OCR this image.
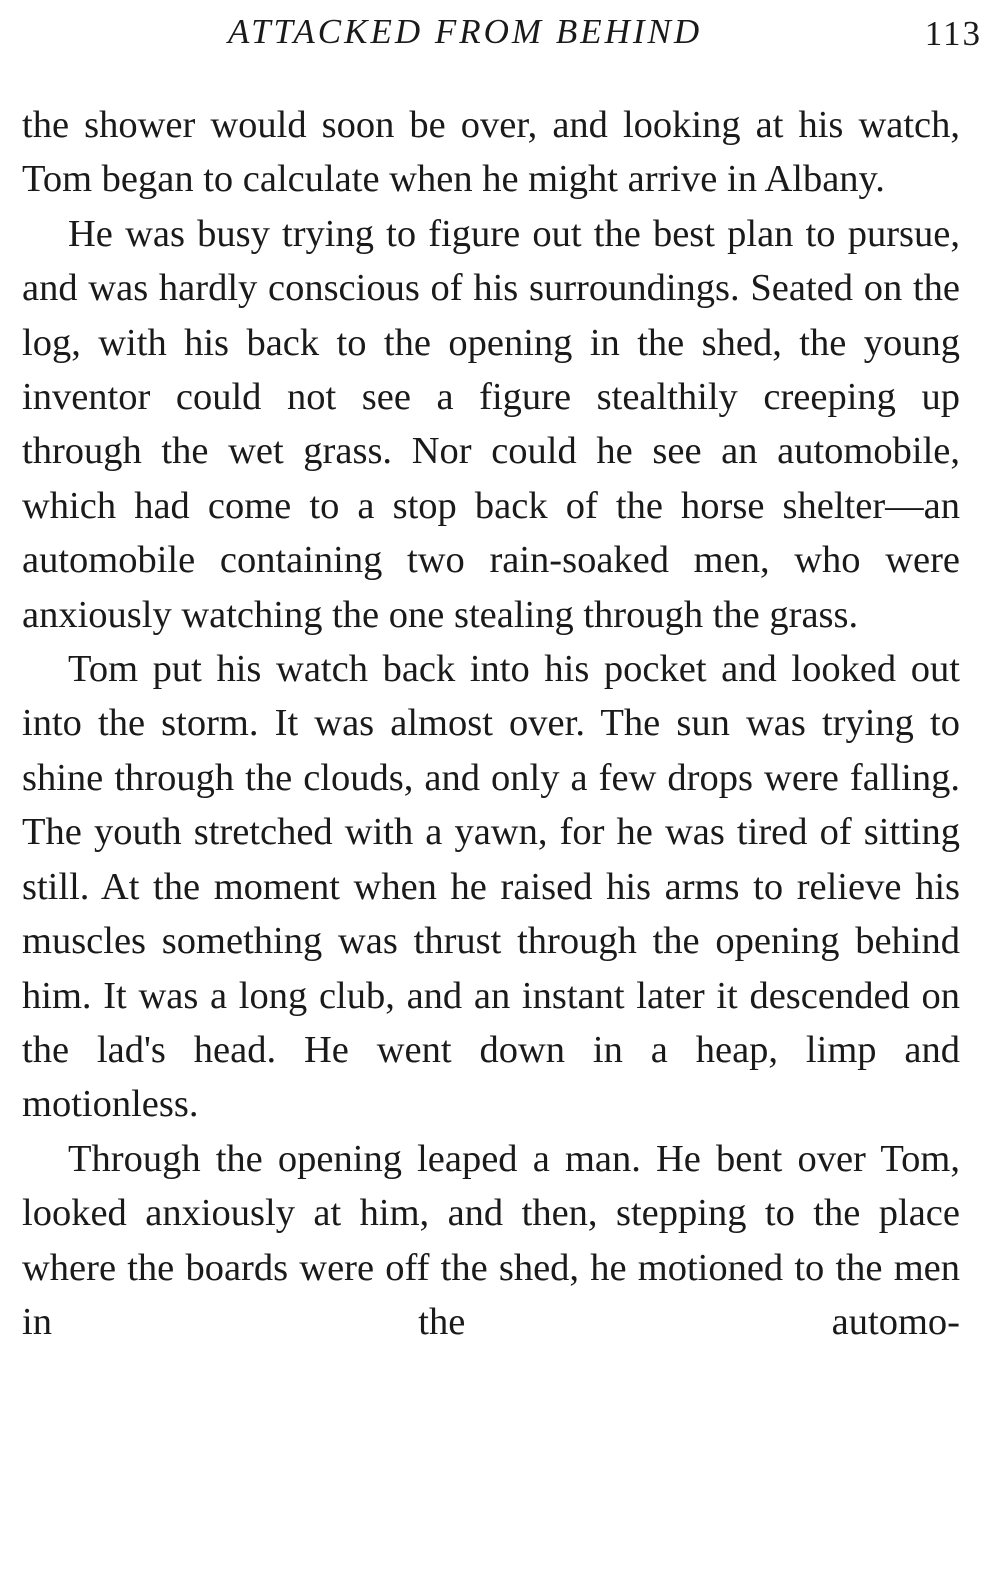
ATTACKED FROM BEHIND	113

the shower would soon be over, and looking at his watch, Tom began to calculate when he might arrive in Albany.

He was busy trying to figure out the best plan to pursue, and was hardly conscious of his surroundings. Seated on the log, with his back to the opening in the shed, the young inventor could not see a figure stealthily creeping up through the wet grass. Nor could he see an automobile, which had come to a stop back of the horse shelter—an automobile containing two rain-soaked men, who were anxiously watching the one stealing through the grass.

Tom put his watch back into his pocket and looked out into the storm. It was almost over. The sun was trying to shine through the clouds, and only a few drops were falling. The youth stretched with a yawn, for he was tired of sitting still. At the moment when he raised his arms to relieve his muscles something was thrust through the opening behind him. It was a long club, and an instant later it descended on the lad's head. He went down in a heap, limp and motionless.

Through the opening leaped a man. He bent over Tom, looked anxiously at him, and then, stepping to the place where the boards were off the shed, he motioned to the men in the automo-
